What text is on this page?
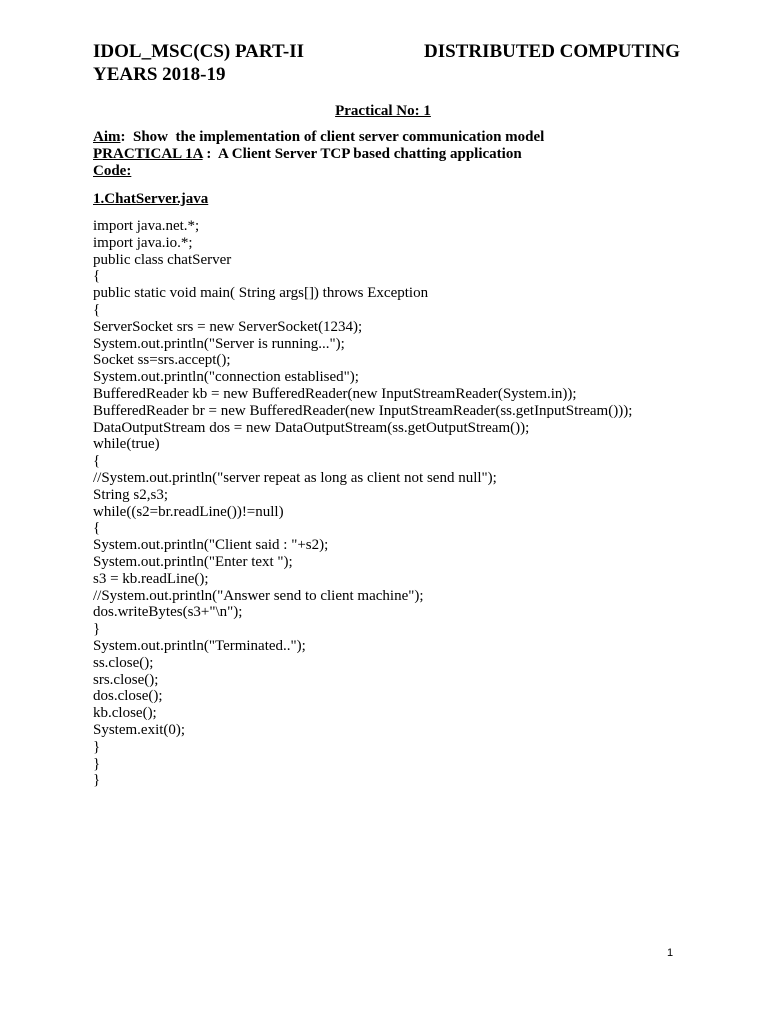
IDOL_MSC(CS) PART-II
YEARS 2018-19
DISTRIBUTED COMPUTING
Practical No: 1
Aim:  Show  the implementation of client server communication model
PRACTICAL 1A :  A Client Server TCP based chatting application
Code:
1.ChatServer.java
import java.net.*;
import java.io.*;
public class chatServer
{
public static void main( String args[]) throws Exception
{
ServerSocket srs = new ServerSocket(1234);
System.out.println("Server is running...");
Socket ss=srs.accept();
System.out.println("connection establised");
BufferedReader kb = new BufferedReader(new InputStreamReader(System.in));
BufferedReader br = new BufferedReader(new InputStreamReader(ss.getInputStream()));
DataOutputStream dos = new DataOutputStream(ss.getOutputStream());
while(true)
{
//System.out.println("server repeat as long as client not send null");
String s2,s3;
while((s2=br.readLine())!=null)
{
System.out.println("Client said : "+s2);
System.out.println("Enter text ");
s3 = kb.readLine();
//System.out.println("Answer send to client machine");
dos.writeBytes(s3+"\n");
}
System.out.println("Terminated..");
ss.close();
srs.close();
dos.close();
kb.close();
System.exit(0);
}
}
}
1
